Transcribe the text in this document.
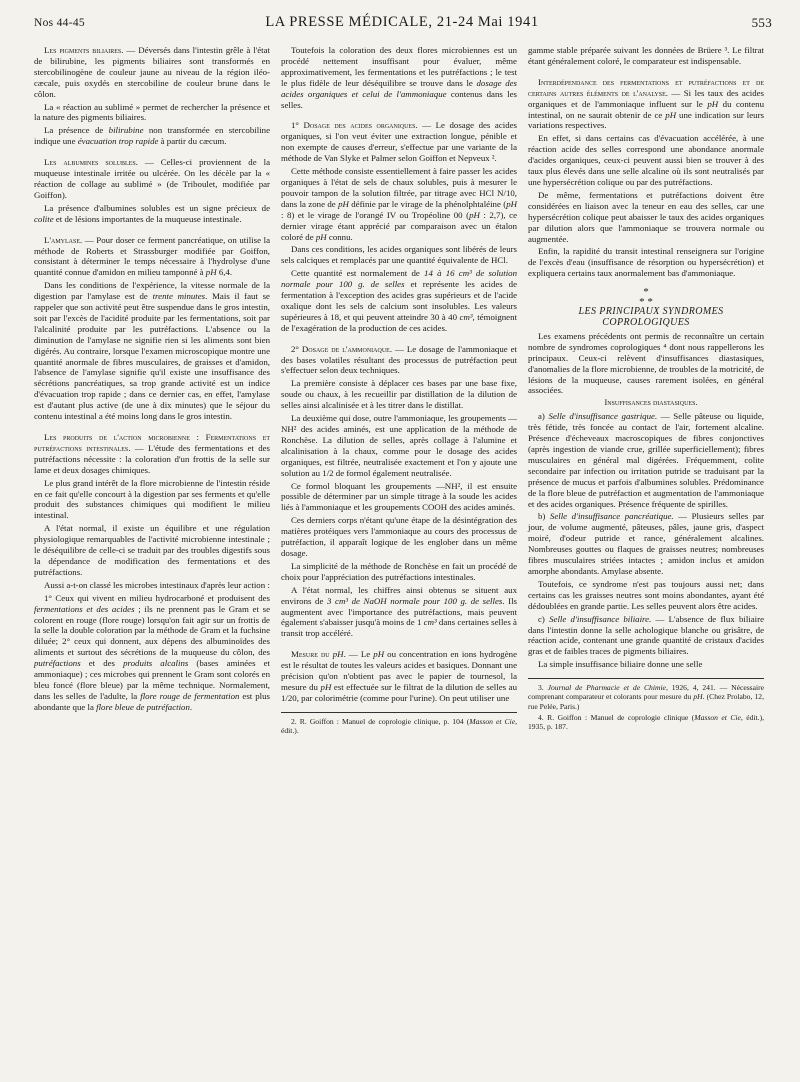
Nos 44-45	LA PRESSE MÉDICALE, 21-24 Mai 1941	553

Les pigments biliaires. — Déversés dans l'intestin grêle à l'état de bilirubine, les pigments biliaires sont transformés en stercobilinogène de couleur jaune au niveau de la région iléo-cæcale, puis oxydés en stercobiline de couleur brune dans le côlon.

La « réaction au sublimé » permet de rechercher la présence et la nature des pigments biliaires.

La présence de bilirubine non transformée en stercobiline indique une évacuation trop rapide à partir du cæcum.

Les albumines solubles. — Celles-ci proviennent de la muqueuse intestinale irritée ou ulcérée. On les décèle par la « réaction de collage au sublimé » (de Triboulet, modifiée par Goiffon).

La présence d'albumines solubles est un signe précieux de colite et de lésions importantes de la muqueuse intestinale.

L'amylase. — Pour doser ce ferment pancréatique, on utilise la méthode de Roberts et Strassburger modifiée par Goiffon, consistant à déterminer le temps nécessaire à l'hydrolyse d'une quantité connue d'amidon en milieu tamponné à pH 6,4.

Dans les conditions de l'expérience, la vitesse normale de la digestion par l'amylase est de trente minutes. Mais il faut se rappeler que son activité peut être suspendue dans le gros intestin, soit par l'excès de l'acidité produite par les fermentations, soit par l'alcalinité produite par les putréfactions. L'absence ou la diminution de l'amylase ne signifie rien si les aliments sont bien digérés. Au contraire, lorsque l'examen microscopique montre une quantité anormale de fibres musculaires, de graisses et d'amidon, l'absence de l'amylase signifie qu'il existe une insuffisance des sécrétions pancréatiques, sa trop grande activité est un indice d'évacuation trop rapide ; dans ce dernier cas, en effet, l'amylase est d'autant plus active (de une à dix minutes) que le séjour du contenu intestinal a été moins long dans le gros intestin.

Les produits de l'action microbienne : Fermentations et putréfactions intestinales. — L'étude des fermentations et des putréfactions nécessite : la coloration d'un frottis de la selle sur lame et deux dosages chimiques.

Le plus grand intérêt de la flore microbienne de l'intestin réside en ce fait qu'elle concourt à la digestion par ses ferments et qu'elle produit des substances chimiques qui modifient le milieu intestinal.

A l'état normal, il existe un équilibre et une régulation physiologique remarquables de l'activité microbienne intestinale ; le déséquilibre de celle-ci se traduit par des troubles digestifs sous la dépendance de modification des fermentations et des putréfactions.

Aussi a-t-on classé les microbes intestinaux d'après leur action :

1° Ceux qui vivent en milieu hydrocarboné et produisent des fermentations et des acides ; ils ne prennent pas le Gram et se colorent en rouge (flore rouge) lorsqu'on fait agir sur un frottis de la selle la double coloration par la méthode de Gram et la fuchsine diluée; 2° ceux qui donnent, aux dépens des albuminoïdes des aliments et surtout des sécrétions de la muqueuse du côlon, des putréfactions et des produits alcalins (bases aminées et ammoniaque) ; ces microbes qui prennent le Gram sont colorés en bleu foncé (flore bleue) par la même technique. Normalement, dans les selles de l'adulte, la flore rouge de fermentation est plus abondante que la flore bleue de putréfaction.

Toutefois la coloration des deux flores microbiennes est un procédé nettement insuffisant pour évaluer, même approximativement, les fermentations et les putréfactions ; le test le plus fidèle de leur déséquilibre se trouve dans le dosage des acides organiques et celui de l'ammoniaque contenus dans les selles.

1° Dosage des acides organiques. — Le dosage des acides organiques, si l'on veut éviter une extraction longue, pénible et non exempte de causes d'erreur, s'effectue par une variante de la méthode de Van Slyke et Palmer selon Goiffon et Nepveux ².

Cette méthode consiste essentiellement à faire passer les acides organiques à l'état de sels de chaux solubles, puis à mesurer le pouvoir tampon de la solution filtrée, par titrage avec HCl N/10, dans la zone de pH définie par le virage de la phénolphtaléine (pH : 8) et le virage de l'orangé IV ou Tropéoline 00 (pH : 2,7), ce dernier virage étant apprécié par comparaison avec un étalon coloré de pH connu.

Dans ces conditions, les acides organiques sont libérés de leurs sels calciques et remplacés par une quantité équivalente de HCl.

Cette quantité est normalement de 14 à 16 cm³ de solution normale pour 100 g. de selles et représente les acides de fermentation à l'exception des acides gras supérieurs et de l'acide oxalique dont les sels de calcium sont insolubles. Les valeurs supérieures à 18, et qui peuvent atteindre 30 à 40 cm³, témoignent de l'exagération de la production de ces acides.

2° Dosage de l'ammoniaque. — Le dosage de l'ammoniaque et des bases volatiles résultant des processus de putréfaction peut s'effectuer selon deux techniques.

La première consiste à déplacer ces bases par une base fixe, soude ou chaux, à les recueillir par distillation de la dilution de selles ainsi alcalinisée et à les titrer dans le distillat.

La deuxième qui dose, outre l'ammoniaque, les groupements —NH² des acides aminés, est une application de la méthode de Ronchèse. La dilution de selles, après collage à l'alumine et alcalinisation à la chaux, comme pour le dosage des acides organiques, est filtrée, neutralisée exactement et l'on y ajoute une solution au 1/2 de formol également neutralisée.

Ce formol bloquant les groupements —NH², il est ensuite possible de déterminer par un simple titrage à la soude les acides liés à l'ammoniaque et les groupements COOH des acides aminés.

Ces derniers corps n'étant qu'une étape de la désintégration des matières protéiques vers l'ammoniaque au cours des processus de putréfaction, il apparaît logique de les englober dans un même dosage.

La simplicité de la méthode de Ronchèse en fait un procédé de choix pour l'appréciation des putréfactions intestinales.

A l'état normal, les chiffres ainsi obtenus se situent aux environs de 3 cm³ de NaOH normale pour 100 g. de selles. Ils augmentent avec l'importance des putréfactions, mais peuvent également s'abaisser jusqu'à moins de 1 cm³ dans certaines selles à transit trop accéléré.

Mesure du pH. — Le pH ou concentration en ions hydrogène est le résultat de toutes les valeurs acides et basiques. Donnant une précision qu'on n'obtient pas avec le papier de tournesol, la mesure du pH est effectuée sur le filtrat de la dilution de selles au 1/20, par colorimétrie (comme pour l'urine). On peut utiliser une

2. R. Goiffon : Manuel de coprologie clinique, p. 104 (Masson et Cie, édit.).

gamme stable préparée suivant les données de Brüere ³. Le filtrat étant généralement coloré, le comparateur est indispensable.

Interdépendance des fermentations et putréfactions et de certains autres éléments de l'analyse. — Si les taux des acides organiques et de l'ammoniaque influent sur le pH du contenu intestinal, on ne saurait obtenir de ce pH une indication sur leurs variations respectives.

En effet, si dans certains cas d'évacuation accélérée, à une réaction acide des selles correspond une abondance anormale d'acides organiques, ceux-ci peuvent aussi bien se trouver à des taux plus élevés dans une selle alcaline où ils sont neutralisés par une hypersécrétion colique ou par des putréfactions.

De même, fermentations et putréfactions doivent être considérées en liaison avec la teneur en eau des selles, car une hypersécrétion colique peut abaisser le taux des acides organiques par dilution alors que l'ammoniaque se trouvera normale ou augmentée.

Enfin, la rapidité du transit intestinal renseignera sur l'origine de l'excès d'eau (insuffisance de résorption ou hypersécrétion) et expliquera certains taux anormalement bas d'ammoniaque.

*
* *

LES PRINCIPAUX SYNDROMES COPROLOGIQUES

Les examens précédents ont permis de reconnaître un certain nombre de syndromes coprologiques ⁴ dont nous rappellerons les principaux. Ceux-ci relèvent d'insuffisances diastasiques, d'anomalies de la flore microbienne, de troubles de la motricité, de lésions de la muqueuse, causes rarement isolées, en général associées.

Insuffisances diastasiques.

a) Selle d'insuffisance gastrique. — Selle pâteuse ou liquide, très fétide, très foncée au contact de l'air, fortement alcaline. Présence d'écheveaux macroscopiques de fibres conjonctives (après ingestion de viande crue, grillée superficiellement); fibres musculaires en général mal digérées. Fréquemment, colite secondaire par infection ou irritation putride se traduisant par la présence de mucus et parfois d'albumines solubles. Prédominance de la flore bleue de putréfaction et augmentation de l'ammoniaque et des acides organiques. Présence fréquente de spirilles.

b) Selle d'insuffisance pancréatique. — Plusieurs selles par jour, de volume augmenté, pâteuses, pâles, jaune gris, d'aspect moiré, d'odeur putride et rance, généralement alcalines. Nombreuses gouttes ou flaques de graisses neutres; nombreuses fibres musculaires striées intactes ; amidon inclus et amidon amorphe abondants. Amylase absente.

Toutefois, ce syndrome n'est pas toujours aussi net; dans certains cas les graisses neutres sont moins abondantes, ayant été dédoublées en grande partie. Les selles peuvent alors être acides.

c) Selle d'insuffisance biliaire. — L'absence de flux biliaire dans l'intestin donne la selle achologique blanche ou grisâtre, de réaction acide, contenant une grande quantité de cristaux d'acides gras et de faibles traces de pigments biliaires.

La simple insuffisance biliaire donne une selle

3. Journal de Pharmacie et de Chimie, 1926, 4, 241. — Nécessaire comprenant comparateur et colorants pour mesure du pH. (Chez Prolabo, 12, rue Pelée, Paris.)

4. R. Goiffon : Manuel de coprologie clinique (Masson et Cie, édit.), 1935, p. 187.
